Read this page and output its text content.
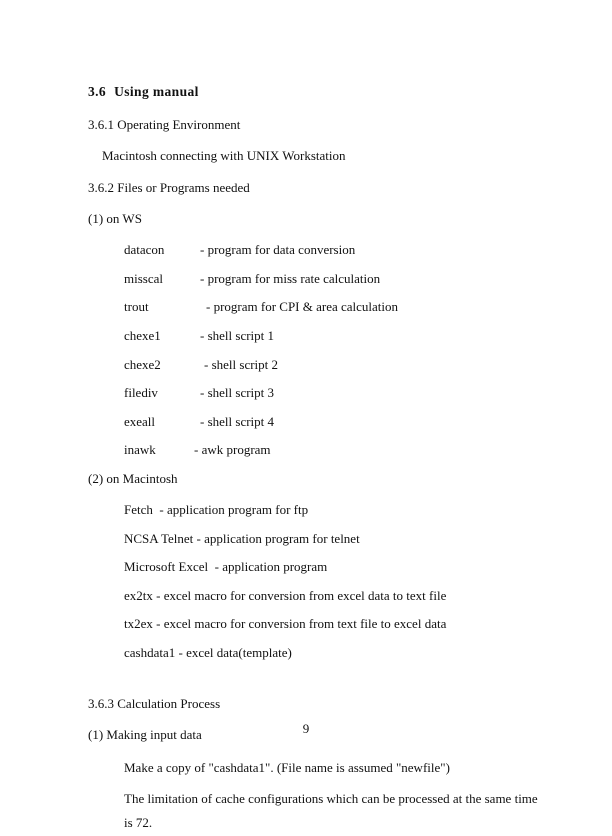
3.6 Using manual
3.6.1 Operating Environment
Macintosh connecting with UNIX Workstation
3.6.2 Files or Programs needed
(1) on WS
datacon	- program for data conversion
misscal	- program for miss rate calculation
trout	- program for CPI & area calculation
chexe1	- shell script 1
chexe2	- shell script 2
filediv	- shell script 3
exeall	- shell script 4
inawk	- awk program
(2) on Macintosh
Fetch - application program for ftp
NCSA Telnet - application program for telnet
Microsoft Excel - application program
ex2tx - excel macro for conversion from excel data to text file
tx2ex - excel macro for conversion from text file to excel data
cashdata1 - excel data(template)
3.6.3 Calculation Process
(1) Making input data
Make a copy of "cashdata1". (File name is assumed "newfile")
The limitation of cache configurations which can be processed at the same time is 72.
9
